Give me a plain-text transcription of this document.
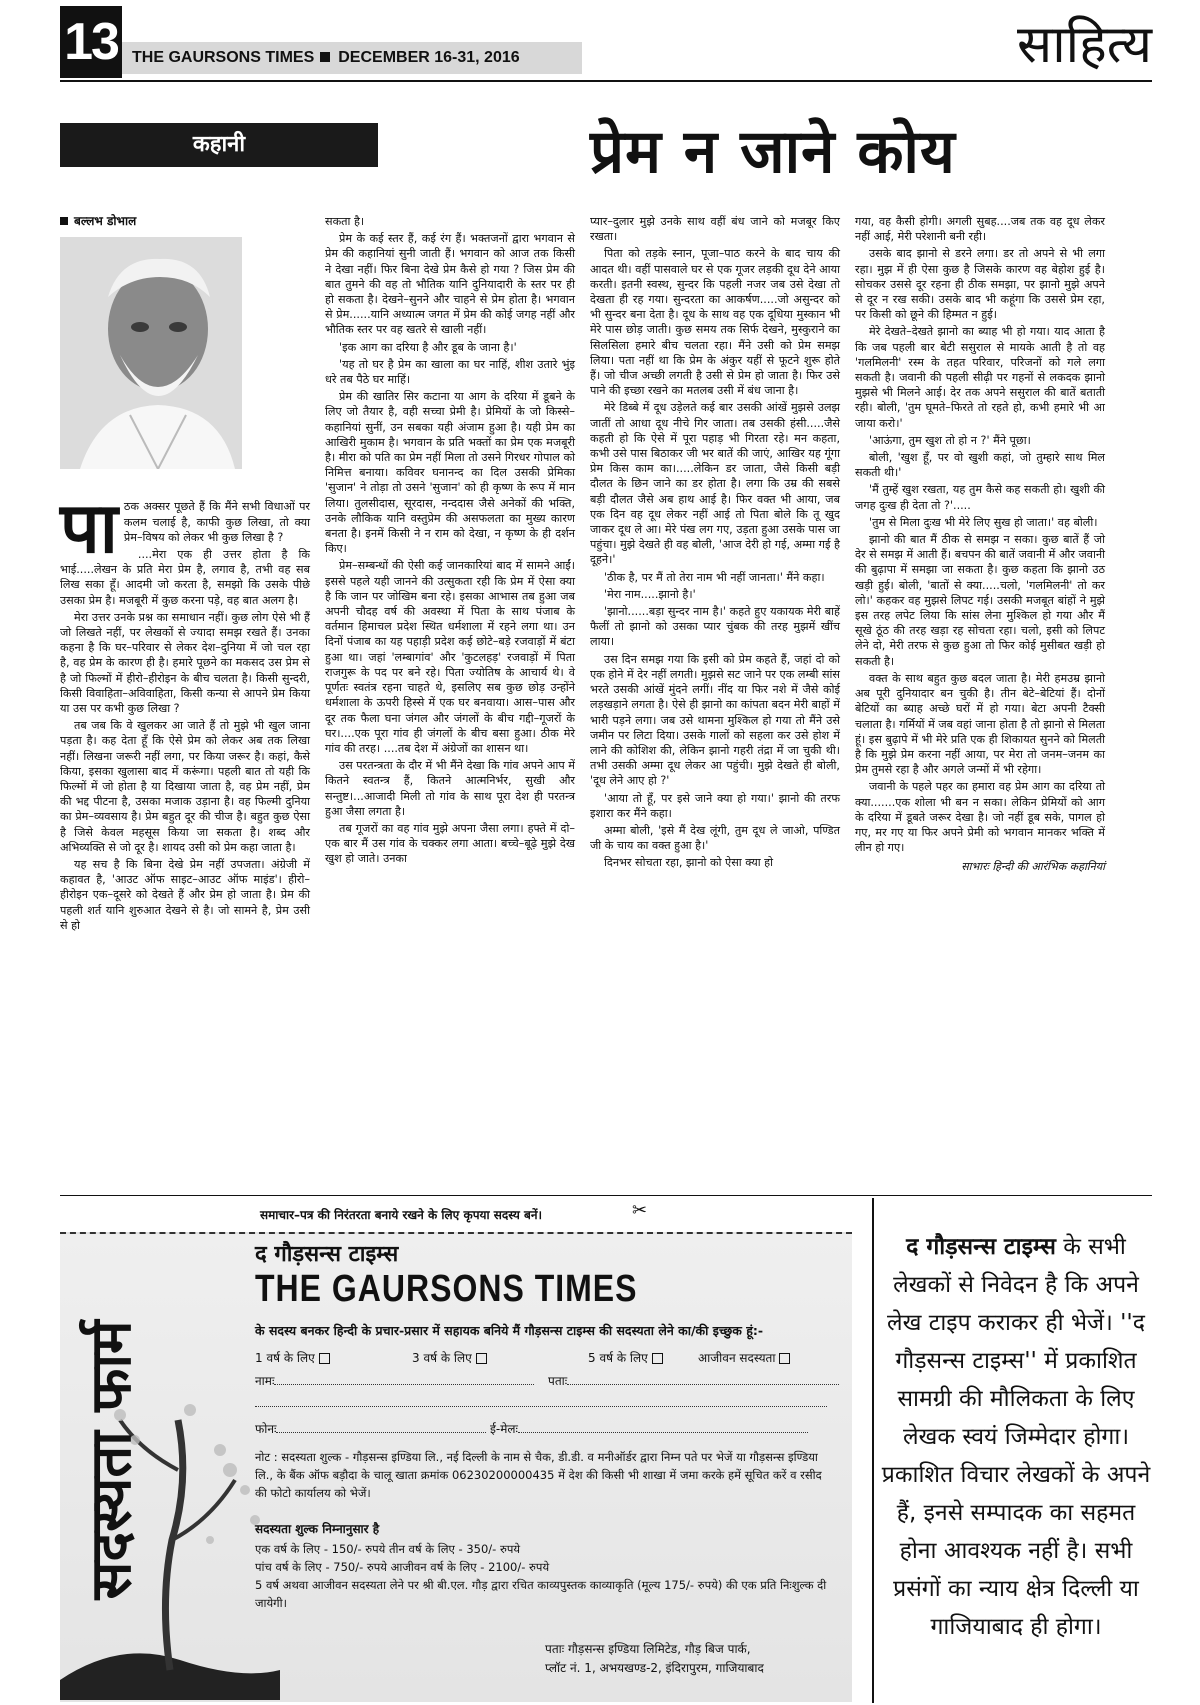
13 THE GAURSONS TIMES DECEMBER 16-31, 2016	साहित्य
कहानी	प्रेम न जाने कोय
बल्लभ डोभाल

पाठक अक्सर पूछते हैं कि मैंने सभी विधाओं पर कलम चलाई है, काफी कुछ लिखा, तो क्या प्रेम–विषय को लेकर भी कुछ लिखा है ?

....मेरा एक ही उत्तर होता है कि भाई.....लेखन के प्रति मेरा प्रेम है, लगाव है, तभी वह सब लिख सका हूँ। आदमी जो करता है, समझो कि उसके पीछे उसका प्रेम है। मजबूरी में कुछ करना पड़े, वह बात अलग है।

मेरा उत्तर उनके प्रश्न का समाधान नहीं। कुछ लोग ऐसे भी हैं जो लिखते नहीं, पर लेखकों से ज्यादा समझ रखते हैं। उनका कहना है कि घर–परिवार से लेकर देश–दुनिया में जो चल रहा है, वह प्रेम के कारण ही है। हमारे पूछने का मकसद उस प्रेम से है जो फिल्मों में हीरो–हीरोइन के बीच चलता है। किसी सुन्दरी, किसी विवाहिता–अविवाहिता, किसी कन्या से आपने प्रेम किया या उस पर कभी कुछ लिखा ?

तब जब कि वे खुलकर आ जाते हैं तो मुझे भी खुल जाना पड़ता है। कह देता हूँ कि ऐसे प्रेम को लेकर अब तक लिखा नहीं। लिखना जरूरी नहीं लगा, पर किया जरूर है। कहां, कैसे किया, इसका खुलासा बाद में करूंगा। पहली बात तो यही कि फिल्मों में जो होता है या दिखाया जाता है, वह प्रेम नहीं, प्रेम की भद्द पीटना है, उसका मजाक उड़ाना है। वह फिल्मी दुनिया का प्रेम–व्यवसाय है। प्रेम बहुत दूर की चीज है। बहुत कुछ ऐसा है जिसे केवल महसूस किया जा सकता है। शब्द और अभिव्यक्ति से जो दूर है। शायद उसी को प्रेम कहा जाता है।

यह सच है कि बिना देखे प्रेम नहीं उपजता। अंग्रेजी में कहावत है, 'आउट ऑफ साइट–आउट ऑफ माइंड'। हीरो–हीरोइन एक–दूसरे को देखते हैं और प्रेम हो जाता है। प्रेम की पहली शर्त यानि शुरुआत देखने से है। जो सामने है, प्रेम उसी से हो

सकता है।

प्रेम के कई स्तर हैं, कई रंग हैं। भक्तजनों द्वारा भगवान से प्रेम की कहानियां सुनी जाती हैं। भगवान को आज तक किसी ने देखा नहीं। फिर बिना देखे प्रेम कैसे हो गया ? जिस प्रेम की बात तुमने की वह तो भौतिक यानि दुनियादारी के स्तर पर ही हो सकता है। देखने–सुनने और चाहने से प्रेम होता है। भगवान से प्रेम......यानि अध्यात्म जगत में प्रेम की कोई जगह नहीं और भौतिक स्तर पर वह खतरे से खाली नहीं।

'इक आग का दरिया है और डूब के जाना है।'

'यह तो घर है प्रेम का खाला का घर नाहिं, शीश उतारे भुंइ धरे तब पैठे घर माहिं।

प्रेम की खातिर सिर कटाना या आग के दरिया में डूबने के लिए जो तैयार है, वही सच्चा प्रेमी है। प्रेमियों के जो किस्से–कहानियां सुनीं, उन सबका यही अंजाम हुआ है। यही प्रेम का आखिरी मुकाम है। भगवान के प्रति भक्तों का प्रेम एक मजबूरी है। मीरा को पति का प्रेम नहीं मिला तो उसने गिरधर गोपाल को निमित्त बनाया। कविवर घनानन्द का दिल उसकी प्रेमिका 'सुजान' ने तोड़ा तो उसने 'सुजान' को ही कृष्ण के रूप में मान लिया। तुलसीदास, सूरदास, नन्ददास जैसे अनेकों की भक्ति, उनके लौकिक यानि वस्तुप्रेम की असफलता का मुख्य कारण बनता है। इनमें किसी ने न राम को देखा, न कृष्ण के ही दर्शन किए।

प्रेम–सम्बन्धों की ऐसी कई जानकारियां बाद में सामने आईं। इससे पहले यही जानने की उत्सुकता रही कि प्रेम में ऐसा क्या है कि जान पर जोखिम बना रहे। इसका आभास तब हुआ जब अपनी चौदह वर्ष की अवस्था में पिता के साथ पंजाब के वर्तमान हिमाचल प्रदेश स्थित धर्मशाला में रहने लगा था। उन दिनों पंजाब का यह पहाड़ी प्रदेश कई छोटे–बड़े रजवाड़ों में बंटा हुआ था। जहां 'लम्बागांव' और 'कुटलहड़' रजवाड़ों में पिता राजगुरू के पद पर बने रहे। पिता ज्योतिष के आचार्य थे। वे पूर्णतः स्वतंत्र रहना चाहते थे, इसलिए सब कुछ छोड़ उन्होंने धर्मशाला के ऊपरी हिस्से में एक घर बनवाया। आस–पास और दूर तक फैला घना जंगल और जंगलों के बीच गद्दी–गूजरों के घर।....एक पूरा गांव ही जंगलों के बीच बसा हुआ। ठीक मेरे गांव की तरह। ....तब देश में अंग्रेजों का शासन था।

उस परतन्त्रता के दौर में भी मैंने देखा कि गांव अपने आप में कितने स्वतन्त्र हैं, कितने आत्मनिर्भर, सुखी और सन्तुष्ट।...आजादी मिली तो गांव के साथ पूरा देश ही परतन्त्र हुआ जैसा लगता है।

तब गूजरों का वह गांव मुझे अपना जैसा लगा। हफ्ते में दो–एक बार मैं उस गांव के चक्कर लगा आता। बच्चे–बूढ़े मुझे देख खुश हो जाते। उनका

प्यार–दुलार मुझे उनके साथ वहीं बंध जाने को मजबूर किए रखता।

पिता को तड़के स्नान, पूजा–पाठ करने के बाद चाय की आदत थी। वहीं पासवाले घर से एक गूजर लड़की दूध देने आया करती। इतनी स्वस्थ, सुन्दर कि पहली नजर जब उसे देखा तो देखता ही रह गया। सुन्दरता का आकर्षण.....जो असुन्दर को भी सुन्दर बना देता है। दूध के साथ वह एक दूधिया मुस्कान भी मेरे पास छोड़ जाती। कुछ समय तक सिर्फ देखने, मुस्कुराने का सिलसिला हमारे बीच चलता रहा। मैंने उसी को प्रेम समझ लिया। पता नहीं था कि प्रेम के अंकुर यहीं से फूटने शुरू होते हैं। जो चीज अच्छी लगती है उसी से प्रेम हो जाता है। फिर उसे पाने की इच्छा रखने का मतलब उसी में बंध जाना है।

मेरे डिब्बे में दूध उड़ेलते कई बार उसकी आंखें मुझसे उलझ जातीं तो आधा दूध नीचे गिर जाता। तब उसकी हंसी.....जैसे कहती हो कि ऐसे में पूरा पहाड़ भी गिरता रहे। मन कहता, कभी उसे पास बिठाकर जी भर बातें की जाएं, आखिर यह गूंगा प्रेम किस काम का।.....लेकिन डर जाता, जैसे किसी बड़ी दौलत के छिन जाने का डर होता है। लगा कि उम्र की सबसे बड़ी दौलत जैसे अब हाथ आई है। फिर वक्त भी आया, जब एक दिन वह दूध लेकर नहीं आई तो पिता बोले कि तू खुद जाकर दूध ले आ। मेरे पंख लग गए, उड़ता हुआ उसके पास जा पहुंचा। मुझे देखते ही वह बोली, 'आज देरी हो गई, अम्मा गई है दूहने।'

'ठीक है, पर मैं तो तेरा नाम भी नहीं जानता।' मैंने कहा।

'मेरा नाम.....झानो है।'

'झानो......बड़ा सुन्दर नाम है।' कहते हुए यकायक मेरी बाहें फैलीं तो झानो को उसका प्यार चुंबक की तरह मुझमें खींच लाया।

उस दिन समझ गया कि इसी को प्रेम कहते हैं, जहां दो को एक होने में देर नहीं लगती। मुझसे सट जाने पर एक लम्बी सांस भरते उसकी आंखें मुंदने लगीं। नींद या फिर नशे में जैसे कोई लड़खड़ाने लगता है। ऐसे ही झानो का कांपता बदन मेरी बाहों में भारी पड़ने लगा। जब उसे थामना मुश्किल हो गया तो मैंने उसे जमीन पर लिटा दिया। उसके गालों को सहला कर उसे होश में लाने की कोशिश की, लेकिन झानो गहरी तंद्रा में जा चुकी थी। तभी उसकी अम्मा दूध लेकर आ पहुंची। मुझे देखते ही बोली, 'दूध लेने आए हो ?'

'आया तो हूँ, पर इसे जाने क्या हो गया।' झानो की तरफ इशारा कर मैंने कहा।

अम्मा बोली, 'इसे मैं देख लूंगी, तुम दूध ले जाओ, पण्डित जी के चाय का वक्त हुआ है।'

दिनभर सोचता रहा, झानो को ऐसा क्या हो

गया, वह कैसी होगी। अगली सुबह....जब तक वह दूध लेकर नहीं आई, मेरी परेशानी बनी रही।

उसके बाद झानो से डरने लगा। डर तो अपने से भी लगा रहा। मुझ में ही ऐसा कुछ है जिसके कारण वह बेहोश हुई है। सोचकर उससे दूर रहना ही ठीक समझा, पर झानो मुझे अपने से दूर न रख सकी। उसके बाद भी कहूंगा कि उससे प्रेम रहा, पर किसी को छूने की हिम्मत न हुई।

मेरे देखते–देखते झानो का ब्याह भी हो गया। याद आता है कि जब पहली बार बेटी ससुराल से मायके आती है तो वह 'गलमिलनी' रस्म के तहत परिवार, परिजनों को गले लगा सकती है। जवानी की पहली सीढ़ी पर गहनों से लकदक झानो मुझसे भी मिलने आई। देर तक अपने ससुराल की बातें बताती रही। बोली, 'तुम घूमते–फिरते तो रहते हो, कभी हमारे भी आ जाया करो।'

'आऊंगा, तुम खुश तो हो न ?' मैंने पूछा।

बोली, 'खुश हूँ, पर वो खुशी कहां, जो तुम्हारे साथ मिल सकती थी।'

'मैं तुम्हें खुश रखता, यह तुम कैसे कह सकती हो। खुशी की जगह दुःख ही देता तो ?'.....

'तुम से मिला दुःख भी मेरे लिए सुख हो जाता।' वह बोली।

झानो की बात मैं ठीक से समझ न सका। कुछ बातें हैं जो देर से समझ में आती हैं। बचपन की बातें जवानी में और जवानी की बुढ़ापा में समझा जा सकता है। कुछ कहता कि झानो उठ खड़ी हुई। बोली, 'बातों से क्या.....चलो, 'गलमिलनी' तो कर लो।' कहकर वह मुझसे लिपट गई। उसकी मजबूत बांहों ने मुझे इस तरह लपेट लिया कि सांस लेना मुश्किल हो गया और मैं सूखे ठूंठ की तरह खड़ा रह सोचता रहा। चलो, इसी को लिपट लेने दो, मेरी तरफ से कुछ हुआ तो फिर कोई मुसीबत खड़ी हो सकती है।

वक्त के साथ बहुत कुछ बदल जाता है। मेरी हमउम्र झानो अब पूरी दुनियादार बन चुकी है। तीन बेटे–बेटियां हैं। दोनों बेटियों का ब्याह अच्छे घरों में हो गया। बेटा अपनी टैक्सी चलाता है। गर्मियों में जब वहां जाना होता है तो झानो से मिलता हूं। इस बुढ़ापे में भी मेरे प्रति एक ही शिकायत सुनने को मिलती है कि मुझे प्रेम करना नहीं आया, पर मेरा तो जनम–जनम का प्रेम तुमसे रहा है और अगले जन्मों में भी रहेगा।

जवानी के पहले पहर का हमारा वह प्रेम आग का दरिया तो क्या.......एक शोला भी बन न सका। लेकिन प्रेमियों को आग के दरिया में डूबते जरूर देखा है। जो नहीं डूब सके, पागल हो गए, मर गए या फिर अपने प्रेमी को भगवान मानकर भक्ति में लीन हो गए।

साभारः हिन्दी की आरंभिक कहानियां
समाचार–पत्र की निरंतरता बनाये रखने के लिए कृपया सदस्य बनें।	✂
सदस्यता फार्म
द गौड़सन्स टाइम्स
THE GAURSONS TIMES
के सदस्य बनकर हिन्दी के प्रचार-प्रसार में सहायक बनिये मैं गौड़सन्स टाइम्स की सदस्यता लेने का/की इच्छुक हूं:-
1 वर्ष के लिए	3 वर्ष के लिए	5 वर्ष के लिए	आजीवन सदस्यता
नामः	पताः
फोनः	ई-मेलः
नोट : सदस्यता शुल्क - गौड़सन्स इण्डिया लि., नई दिल्ली के नाम से चैक, डी.डी. व मनीऑर्डर द्वारा निम्न पते पर भेजें या गौड़सन्स इण्डिया लि., के बैंक ऑफ बड़ौदा के चालू खाता क्रमांक 06230200000435 में देश की किसी भी शाखा में जमा करके हमें सूचित करें व रसीद की फोटो कार्यालय को भेजें।
सदस्यता शुल्क निम्नानुसार है
एक वर्ष के लिए - 150/- रुपये तीन वर्ष के लिए - 350/- रुपये
पांच वर्ष के लिए - 750/- रुपये आजीवन वर्ष के लिए - 2100/- रुपये
5 वर्ष अथवा आजीवन सदस्यता लेने पर श्री बी.एल. गौड़ द्वारा रचित काव्यपुस्तक काव्याकृति (मूल्य 175/- रुपये) की एक प्रति निःशुल्क दी जायेगी।
पताः गौड़सन्स इण्डिया लिमिटेड, गौड़ बिज पार्क,
प्लॉट नं. 1, अभयखण्ड-2, इंदिरापुरम, गाजियाबाद
द गौड़सन्स टाइम्स के सभी लेखकों से निवेदन है कि अपने लेख टाइप कराकर ही भेजें। ''द गौड़सन्स टाइम्स'' में प्रकाशित सामग्री की मौलिकता के लिए लेखक स्वयं जिम्मेदार होगा। प्रकाशित विचार लेखकों के अपने हैं, इनसे सम्पादक का सहमत होना आवश्यक नहीं है। सभी प्रसंगों का न्याय क्षेत्र दिल्ली या गाजियाबाद ही होगा।
